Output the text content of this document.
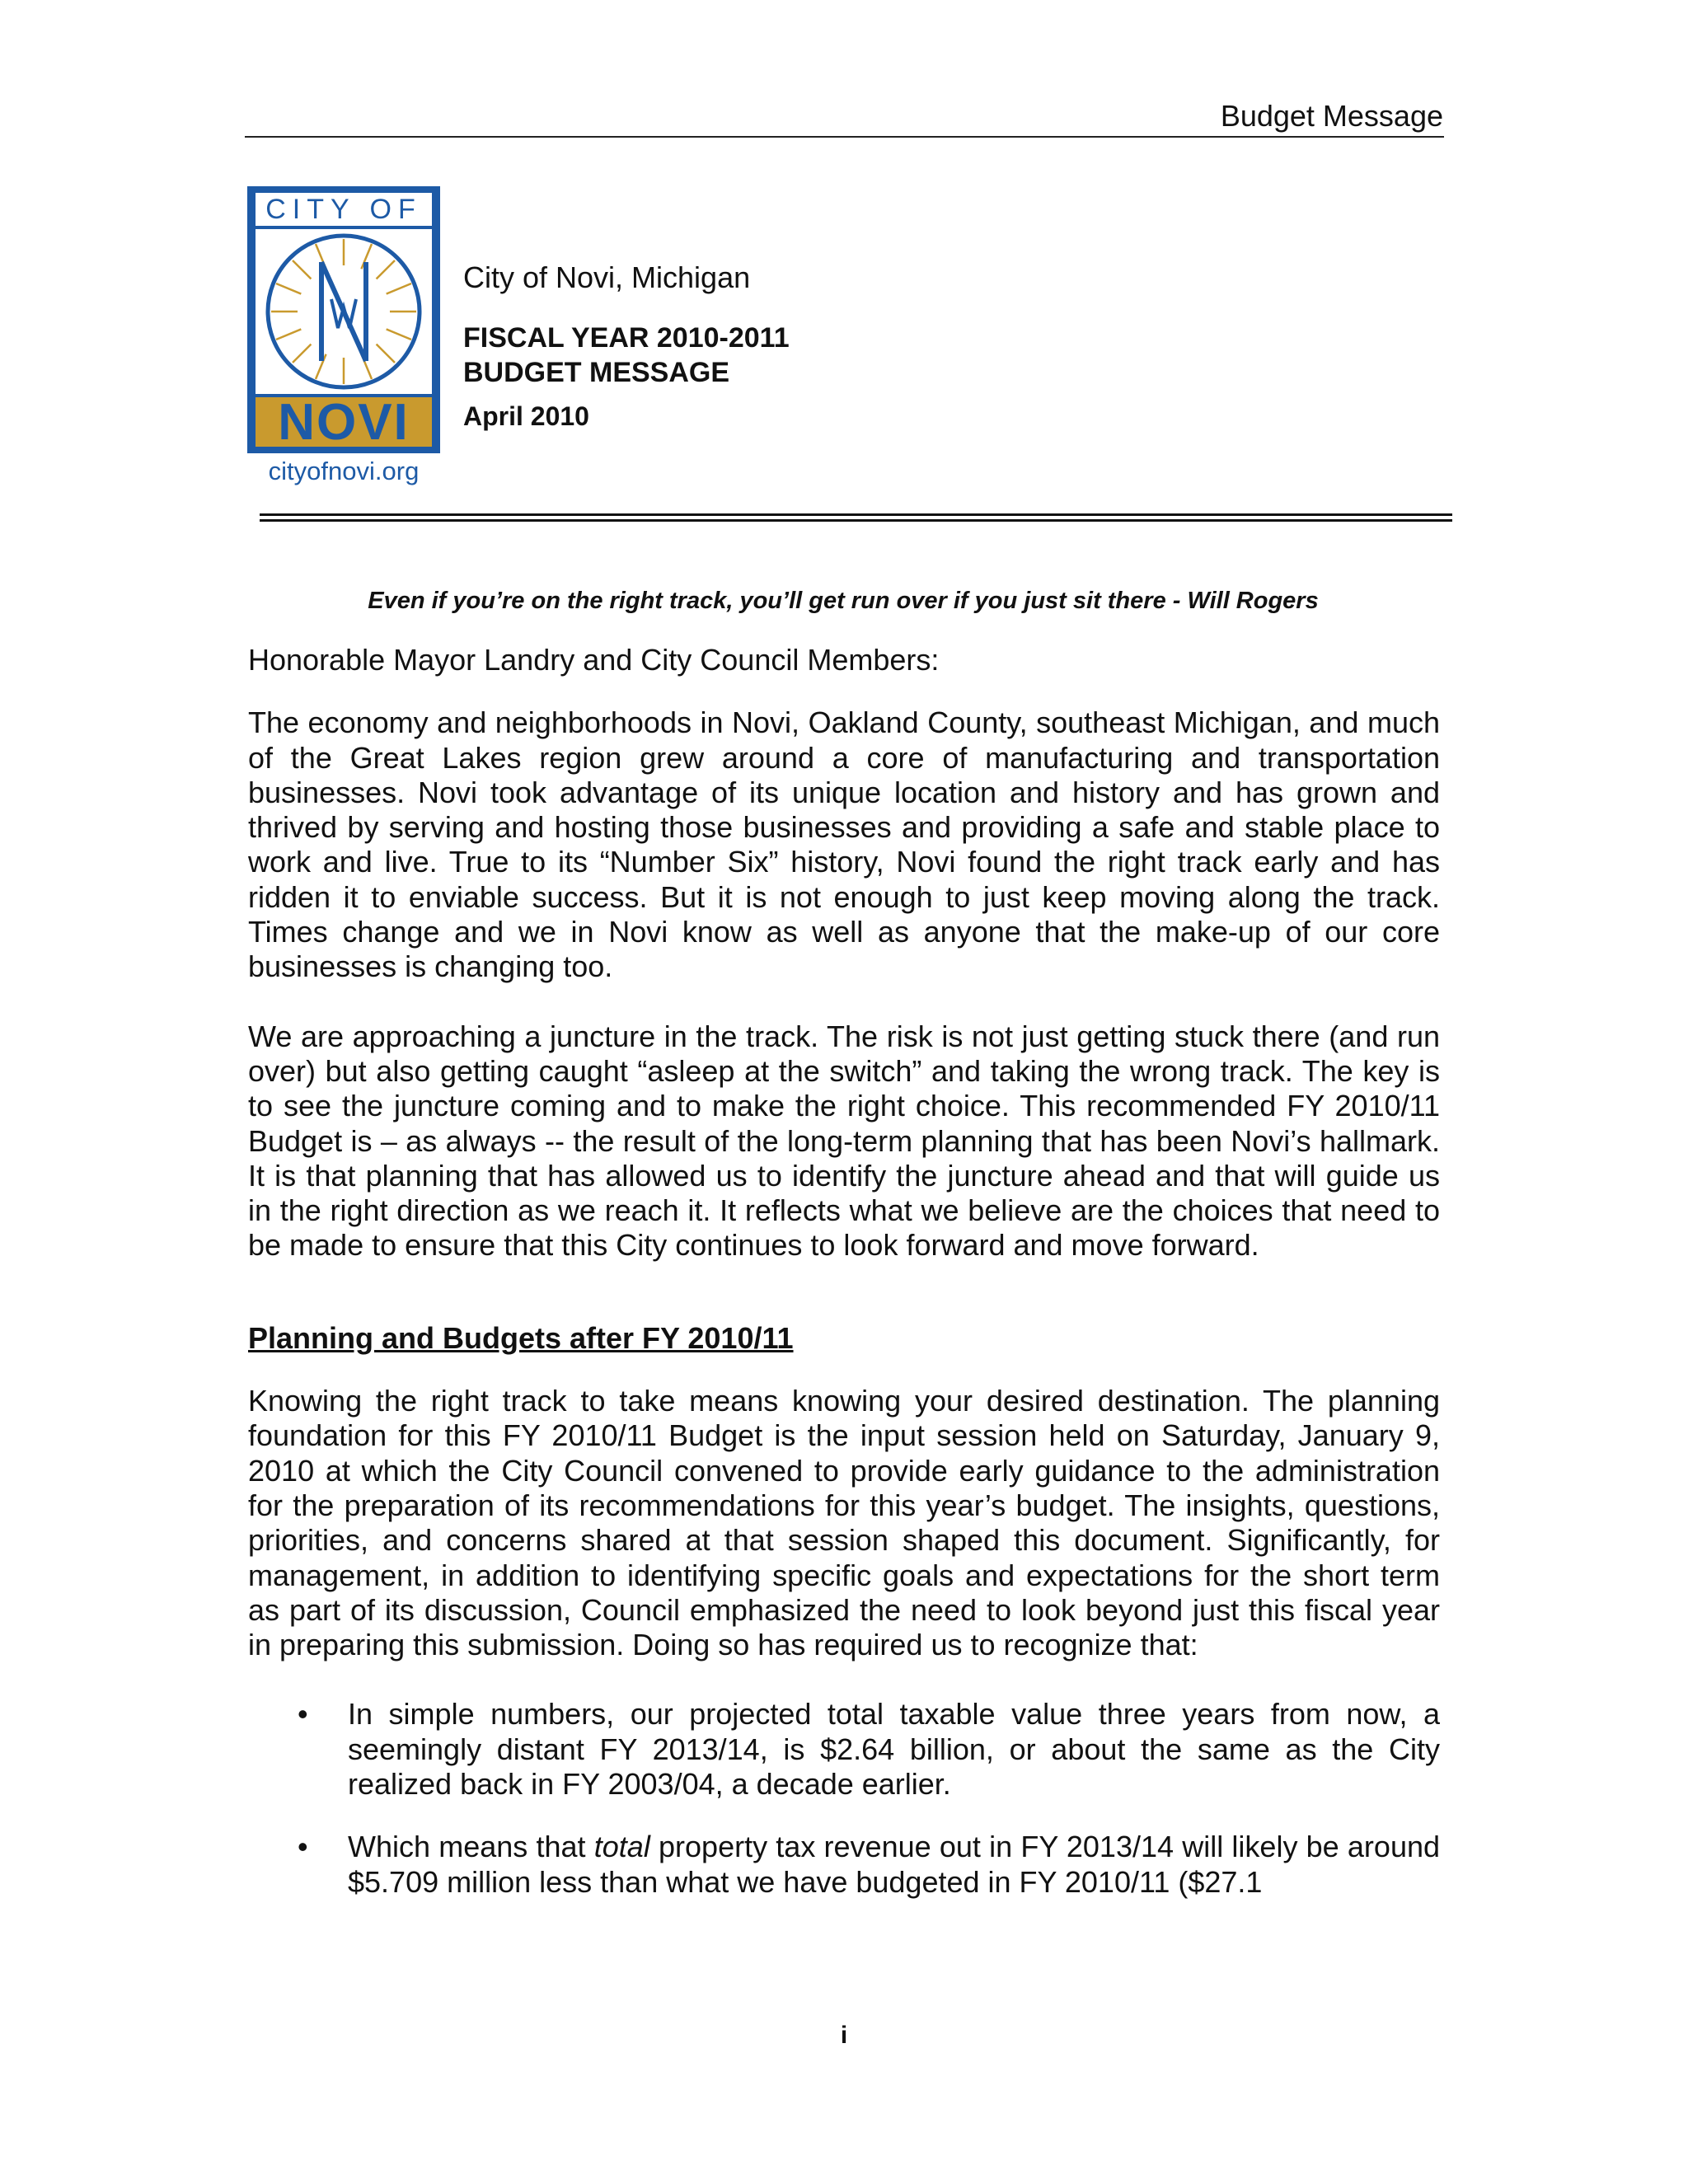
Budget Message
CITY OF
NOVI
cityofnovi.org
City of Novi, Michigan
FISCAL YEAR 2010-2011
BUDGET MESSAGE
April 2010
Even if you’re on the right track, you’ll get run over if you just sit there - Will Rogers

Honorable Mayor Landry and City Council Members:

The economy and neighborhoods in Novi, Oakland County, southeast Michigan, and much of the Great Lakes region grew around a core of manufacturing and transportation businesses. Novi took advantage of its unique location and history and has grown and thrived by serving and hosting those businesses and providing a safe and stable place to work and live. True to its “Number Six” history, Novi found the right track early and has ridden it to enviable success. But it is not enough to just keep moving along the track. Times change and we in Novi know as well as anyone that the make-up of our core businesses is changing too.

We are approaching a juncture in the track. The risk is not just getting stuck there (and run over) but also getting caught “asleep at the switch” and taking the wrong track. The key is to see the juncture coming and to make the right choice. This recommended FY 2010/11 Budget is – as always -- the result of the long-term planning that has been Novi’s hallmark. It is that planning that has allowed us to identify the juncture ahead and that will guide us in the right direction as we reach it. It reflects what we believe are the choices that need to be made to ensure that this City continues to look forward and move forward.

Planning and Budgets after FY 2010/11

Knowing the right track to take means knowing your desired destination. The planning foundation for this FY 2010/11 Budget is the input session held on Saturday, January 9, 2010 at which the City Council convened to provide early guidance to the administration for the preparation of its recommendations for this year’s budget. The insights, questions, priorities, and concerns shared at that session shaped this document. Significantly, for management, in addition to identifying specific goals and expectations for the short term as part of its discussion, Council emphasized the need to look beyond just this fiscal year in preparing this submission. Doing so has required us to recognize that:

• In simple numbers, our projected total taxable value three years from now, a seemingly distant FY 2013/14, is $2.64 billion, or about the same as the City realized back in FY 2003/04, a decade earlier.
• Which means that total property tax revenue out in FY 2013/14 will likely be around $5.709 million less than what we have budgeted in FY 2010/11 ($27.1
i
